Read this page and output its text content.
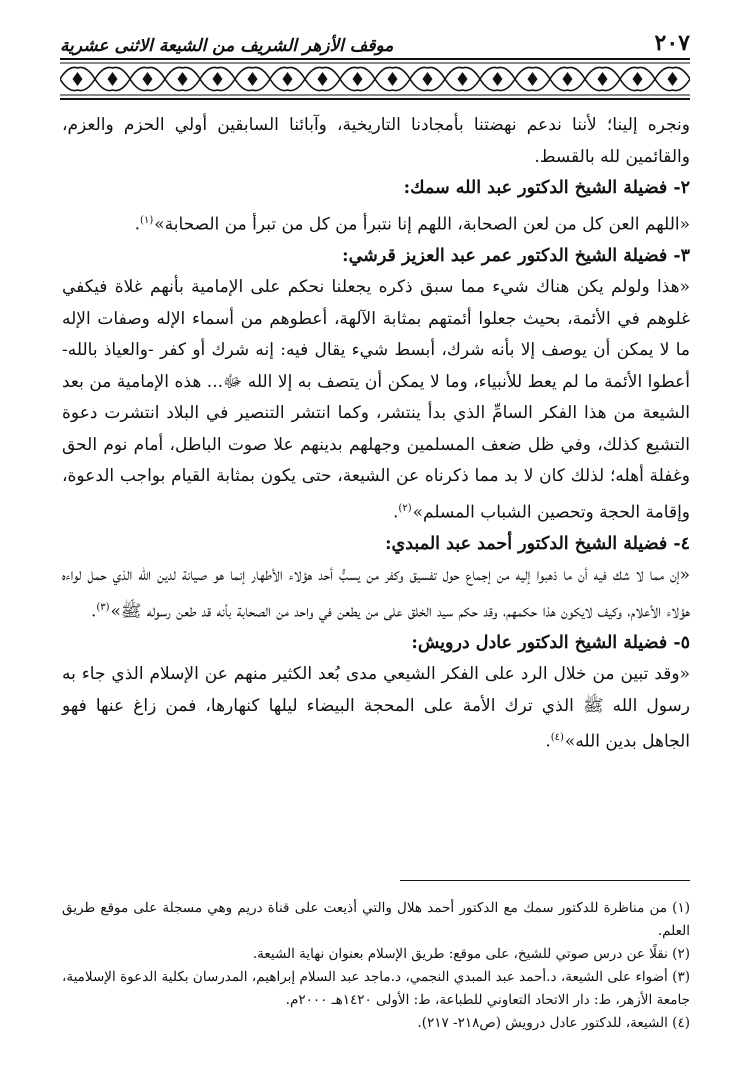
٢٠٧
موقف الأزهر الشريف من الشيعة الاثنى عشرية

ونجره إلينا؛ لأننا ندعم نهضتنا بأمجادنا التاريخية، وآبائنا السابقين أولي الحزم والعزم، والقائمين لله بالقسط.

٢- فضيلة الشيخ الدكتور عبد الله سمك:

«اللهم العن كل من لعن الصحابة، اللهم إنا نتبرأ من كل من تبرأ من الصحابة»$^{(١)}$.

٣- فضيلة الشيخ الدكتور عمر عبد العزيز قرشي:

«هذا ولولم يكن هناك شيء مما سبق ذكره يجعلنا نحكم على الإمامية بأنهم غلاة فيكفي غلوهم في الأئمة، بحيث جعلوا أئمتهم بمثابة الآلهة، أعطوهم من أسماء الإله وصفات الإله ما لا يمكن أن يوصف إلا بأنه شرك، أبسط شيء يقال فيه: إنه شرك أو كفر -والعياذ بالله- أعطوا الأئمة ما لم يعط للأنبياء، وما لا يمكن أن يتصف به إلا الله ﷻ... هذه الإمامية من بعد الشيعة من هذا الفكر السامِّ الذي بدأ ينتشر، وكما انتشر التنصير في البلاد انتشرت دعوة التشيع كذلك، وفي ظل ضعف المسلمين وجهلهم بدينهم علا صوت الباطل، أمام نوم الحق وغفلة أهله؛ لذلك كان لا بد مما ذكرناه عن الشيعة، حتى يكون بمثابة القيام بواجب الدعوة، وإقامة الحجة وتحصين الشباب المسلم»$^{(٢)}$.

٤- فضيلة الشيخ الدكتور أحمد عبد المبدي:

«إن مما لا شك فيه أن ما ذهبوا إليه من إجماع حول تفسيق وكفر من يسبُّ أحد هؤلاء الأطهار إنما هو صيانة لدين الله الذي حمل لواءه هؤلاء الأعلام، وكيف لايكون هذا حكمهم، وقد حكم سيد الخلق على من يطعن في واحد من الصحابة بأنه قد طعن رسوله ﷺ»$^{(٣)}$.

٥- فضيلة الشيخ الدكتور عادل درويش:

«وقد تبين من خلال الرد على الفكر الشيعي مدى بُعد الكثير منهم عن الإسلام الذي جاء به رسول الله ﷺ الذي ترك الأمة على المحجة البيضاء ليلها كنهارها، فمن زاغ عنها فهو الجاهل بدين الله»$^{(٤)}$.

(١) من مناظرة للدكتور سمك مع الدكتور أحمد هلال والتي أذيعت على قناة دريم وهي مسجلة على موقع طريق العلم.

(٢) نقلًا عن درس صوتي للشيخ، على موقع: طريق الإسلام بعنوان نهاية الشيعة.

(٣) أضواء على الشيعة، د.أحمد عبد المبدي النجمي، د.ماجد عبد السلام إبراهيم، المدرسان بكلية الدعوة الإسلامية، جامعة الأزهر، ط: دار الاتحاد التعاوني للطباعة، ط: الأولى ١٤٢٠هـ ٢٠٠٠م.

(٤) الشيعة، للدكتور عادل درويش (ص٢١٨- ٢١٧).
